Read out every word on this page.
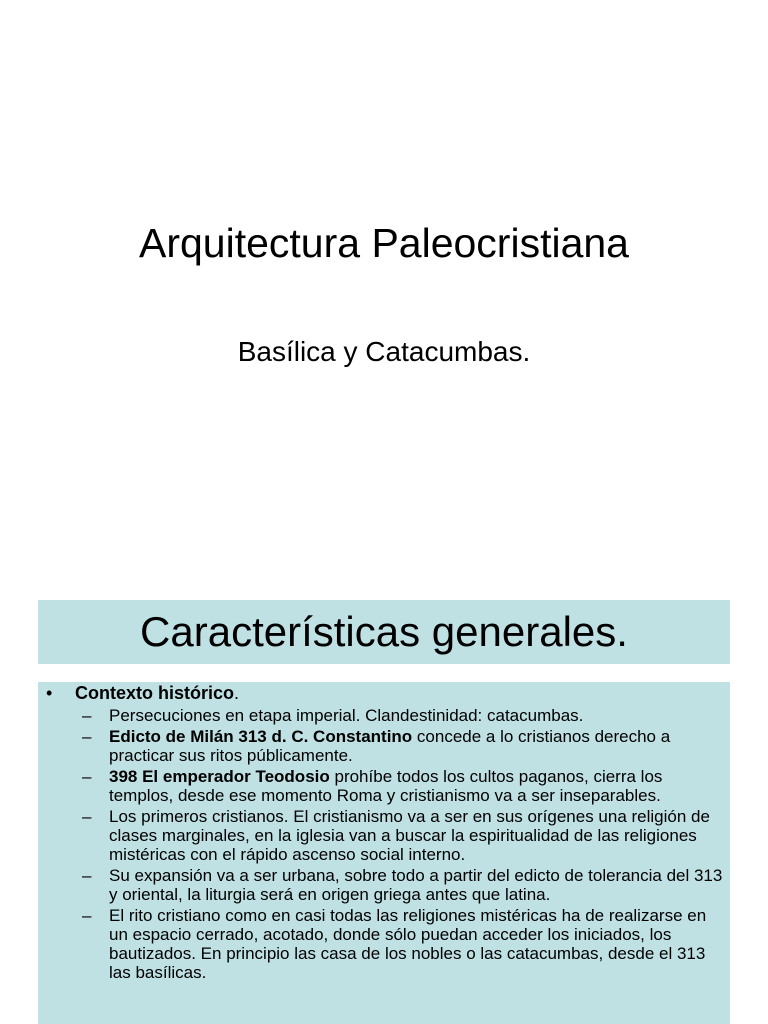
Arquitectura Paleocristiana
Basílica y Catacumbas.
Características generales.
• Contexto histórico.
– Persecuciones en etapa imperial. Clandestinidad: catacumbas.
– Edicto de Milán 313 d. C. Constantino concede a lo cristianos derecho a practicar sus ritos públicamente.
– 398 El emperador Teodosio prohíbe todos los cultos paganos, cierra los templos, desde ese momento Roma y cristianismo va a ser inseparables.
– Los primeros cristianos. El cristianismo va a ser en sus orígenes una religión de clases marginales, en la iglesia van a buscar la espiritualidad de las religiones mistéricas con el rápido ascenso social interno.
– Su expansión va a ser urbana, sobre todo a partir del edicto de tolerancia del 313 y oriental, la liturgia será en origen griega antes que latina.
– El rito cristiano como en casi todas las religiones mistéricas ha de realizarse en un espacio cerrado, acotado, donde sólo puedan acceder los iniciados, los bautizados. En principio las casa de los nobles o las catacumbas, desde el 313 las basílicas.
